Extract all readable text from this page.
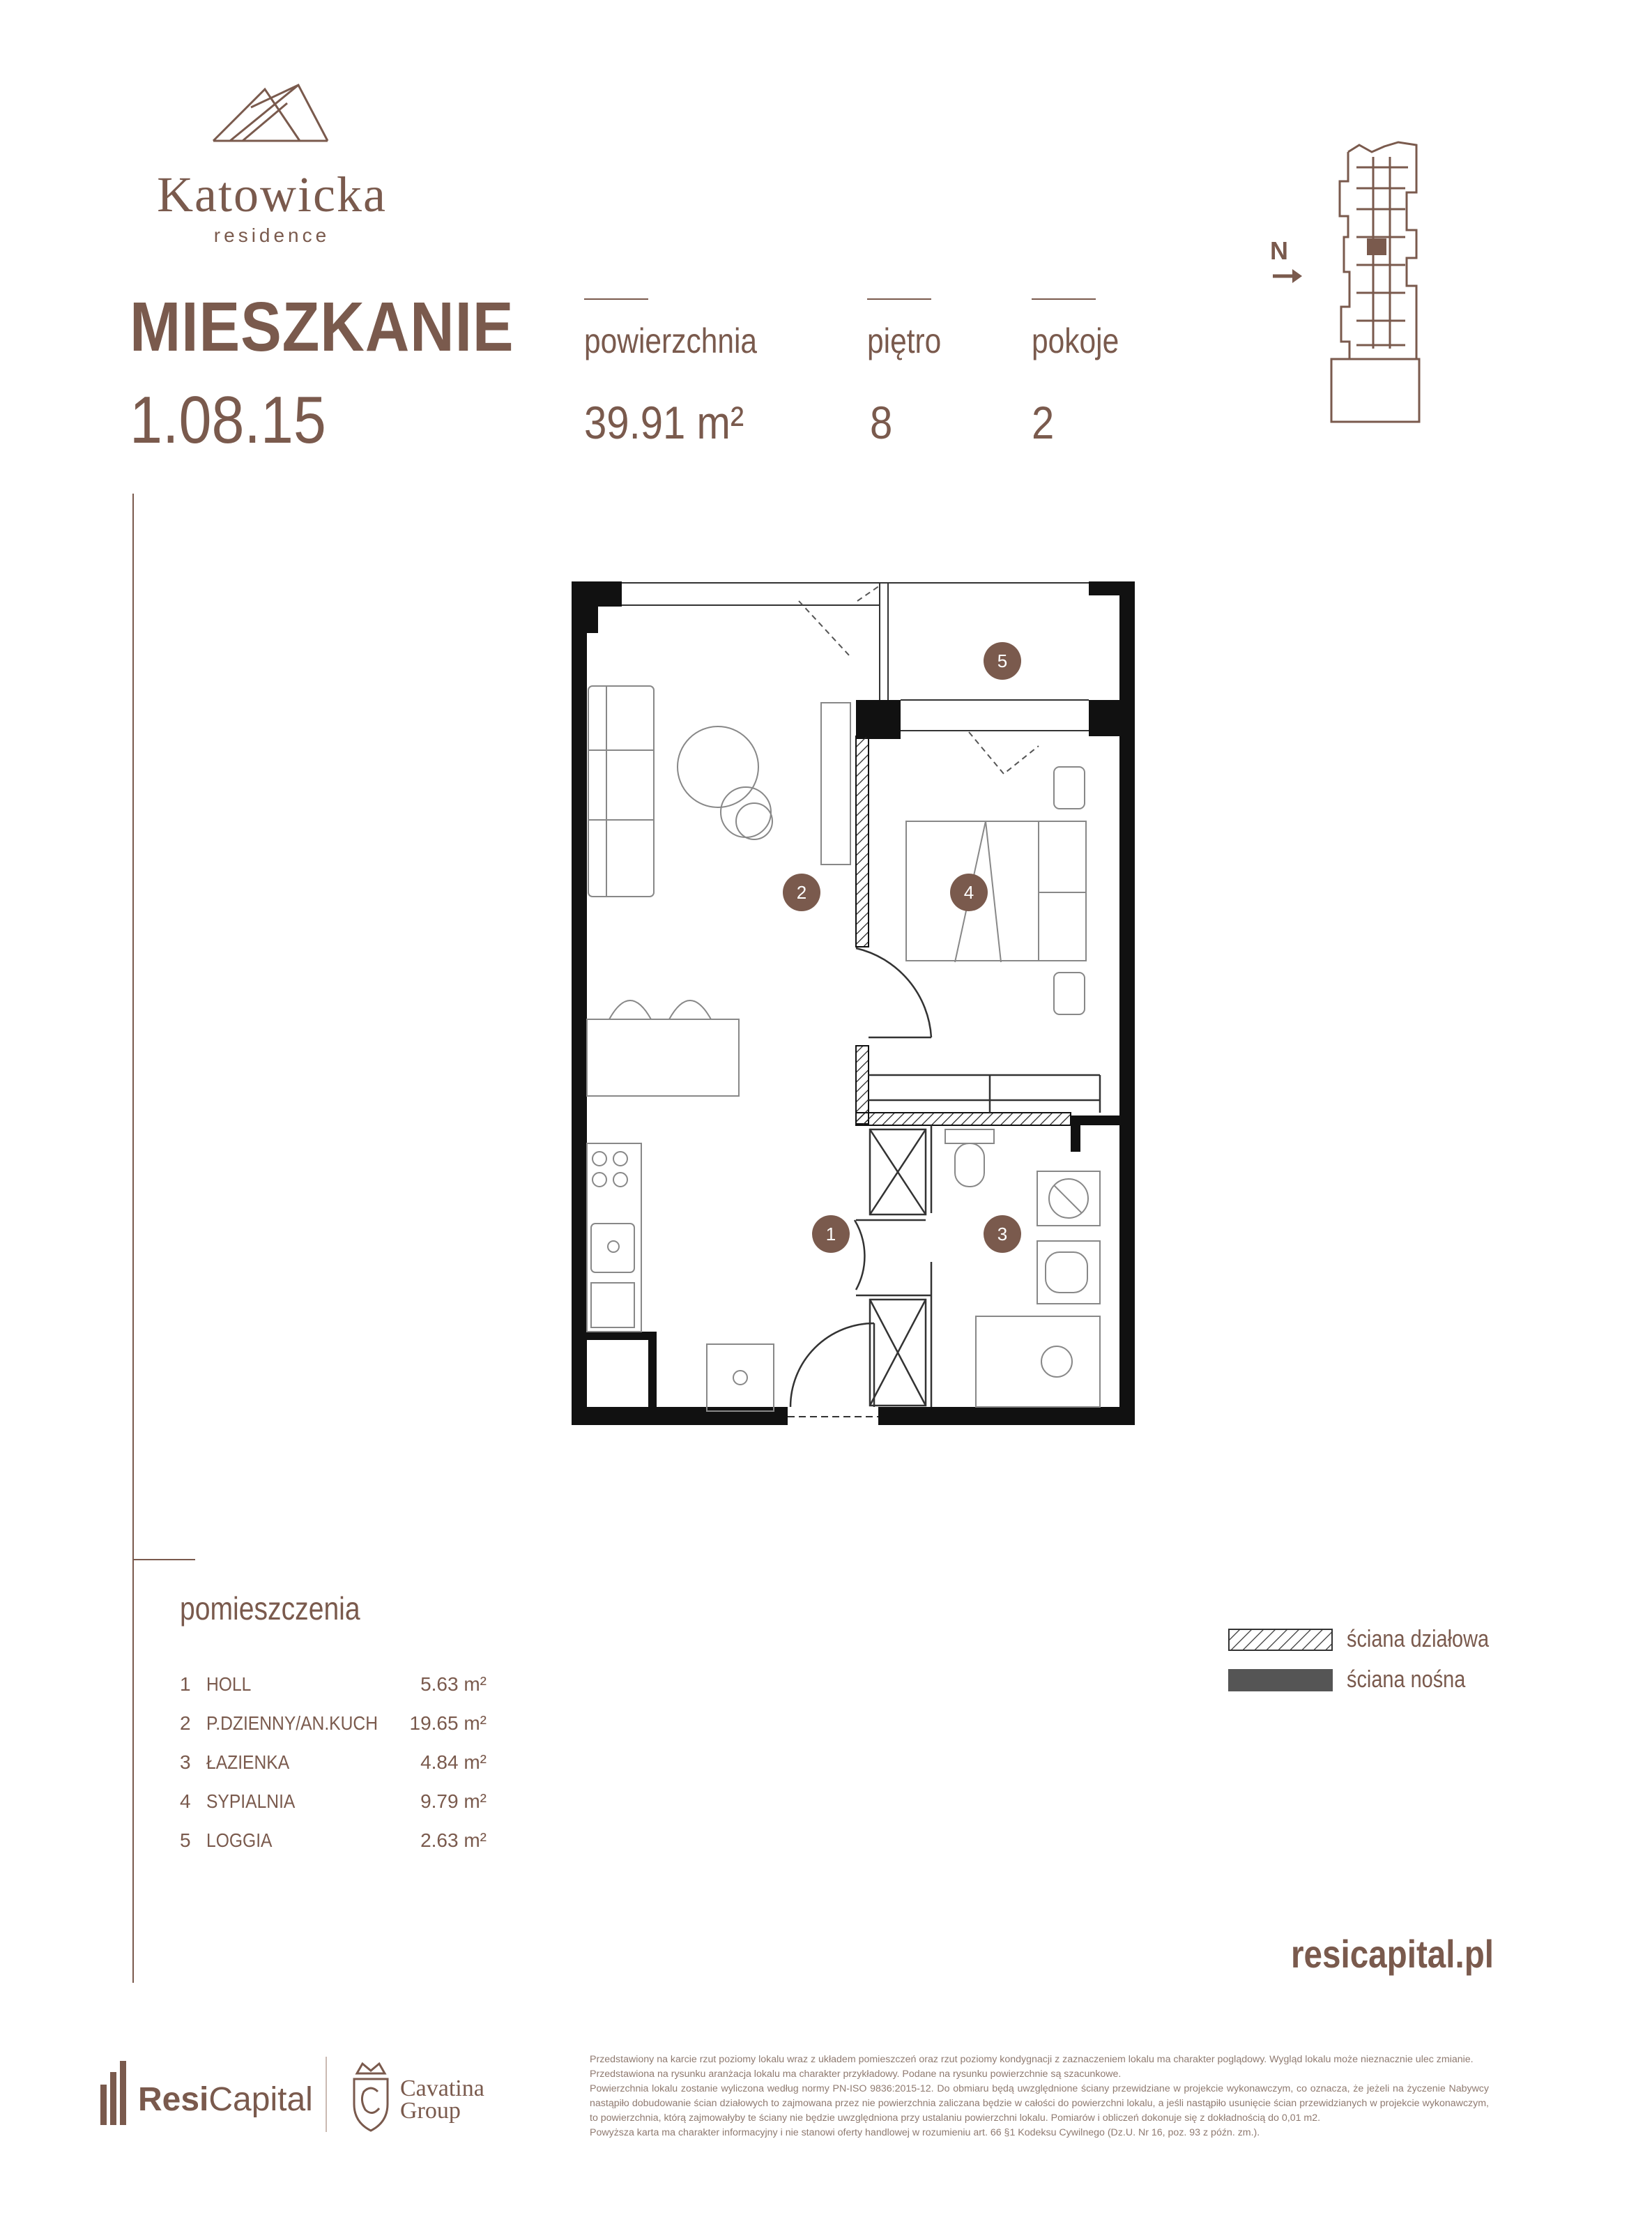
Katowicka
residence
MIESZKANIE
1.08.15
powierzchnia
39.91 m²
piętro
8
pokoje
2
N
5
2	4
1	3
pomieszczenia
1 HOLL	5.63 m²
2 P.DZIENNY/AN.KUCH 19.65 m²
3 ŁAZIENKA	4.84 m²
4 SYPIALNIA	9.79 m²
5 LOGGIA	2.63 m²
ściana działowa
ściana nośna
resicapital.pl
ResiCapital	Cavatina
Group

Przedstawiony na karcie rzut poziomy lokalu wraz z układem pomieszczeń oraz rzut poziomy kondygnacji z zaznaczeniem lokalu ma charakter poglądowy. Wygląd lokalu może nieznacznie ulec zmianie.

Przedstawiona na rysunku aranżacja lokalu ma charakter przykładowy. Podane na rysunku powierzchnie są szacunkowe.

Powierzchnia lokalu zostanie wyliczona według normy PN-ISO 9836:2015-12. Do obmiaru będą uwzględnione ściany przewidziane w projekcie wykonawczym, co oznacza, że jeżeli na życzenie Nabywcy nastąpiło dobudowanie ścian działowych to zajmowana przez nie powierzchnia zaliczana będzie w całości do powierzchni lokalu, a jeśli nastąpiło usunięcie ścian przewidzianych w projekcie wykonawczym, to powierzchnia, którą zajmowałyby te ściany nie będzie uwzględniona przy ustalaniu powierzchni lokalu. Pomiarów i obliczeń dokonuje się z dokładnością do 0,01 m2.

Powyższa karta ma charakter informacyjny i nie stanowi oferty handlowej w rozumieniu art. 66 §1 Kodeksu Cywilnego (Dz.U. Nr 16, poz. 93 z późn. zm.).
